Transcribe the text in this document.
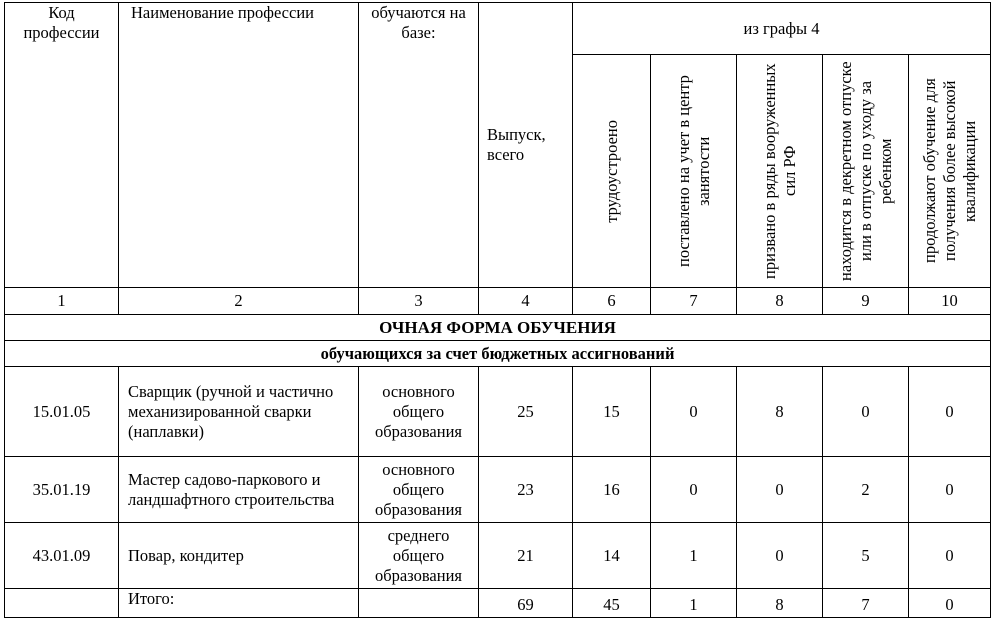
Код профессии	Наименование профессии	обучаются на базе:	Выпуск, всего	из графы 4				

				трудоустроено	поставлено на учет в центр занятости	призвано в ряды вооруженных сил РФ	находится в декретном отпуске или в отпуске по уходу за ребенком	продолжают обучение для получения более высокой квалификации

1	2	3	4	6	7	8	9	10
ОЧНАЯ ФОРМА ОБУЧЕНИЯ								
обучающихся за счет бюджетных ассигнований								
15.01.05	Сварщик (ручной и частично механизированной сварки (наплавки)	основного общего образования	25	15	0	8	0	0
35.01.19	Мастер садово-паркового и ландшафтного строительства	основного общего образования	23	16	0	0	2	0
43.01.09	Повар, кондитер	среднего общего образования	21	14	1	0	5	0
	Итого:		69	45	1	8	7	0
